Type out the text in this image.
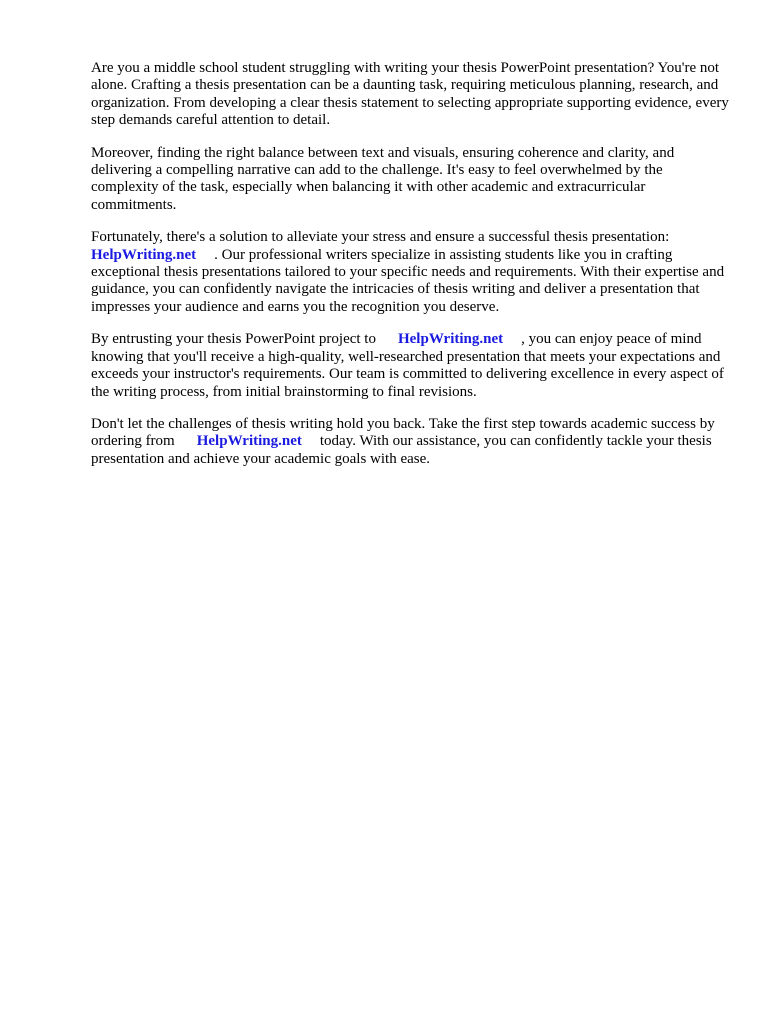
Are you a middle school student struggling with writing your thesis PowerPoint presentation? You're not alone. Crafting a thesis presentation can be a daunting task, requiring meticulous planning, research, and organization. From developing a clear thesis statement to selecting appropriate supporting evidence, every step demands careful attention to detail.

Moreover, finding the right balance between text and visuals, ensuring coherence and clarity, and delivering a compelling narrative can add to the challenge. It's easy to feel overwhelmed by the complexity of the task, especially when balancing it with other academic and extracurricular commitments.

Fortunately, there's a solution to alleviate your stress and ensure a successful thesis presentation:
HelpWriting.net . Our professional writers specialize in assisting students like you in crafting exceptional thesis presentations tailored to your specific needs and requirements. With their expertise and guidance, you can confidently navigate the intricacies of thesis writing and deliver a presentation that impresses your audience and earns you the recognition you deserve.

By entrusting your thesis PowerPoint project to HelpWriting.net , you can enjoy peace of mind knowing that you'll receive a high-quality, well-researched presentation that meets your expectations and exceeds your instructor's requirements. Our team is committed to delivering excellence in every aspect of the writing process, from initial brainstorming to final revisions.

Don't let the challenges of thesis writing hold you back. Take the first step towards academic success by ordering from HelpWriting.net today. With our assistance, you can confidently tackle your thesis presentation and achieve your academic goals with ease.
